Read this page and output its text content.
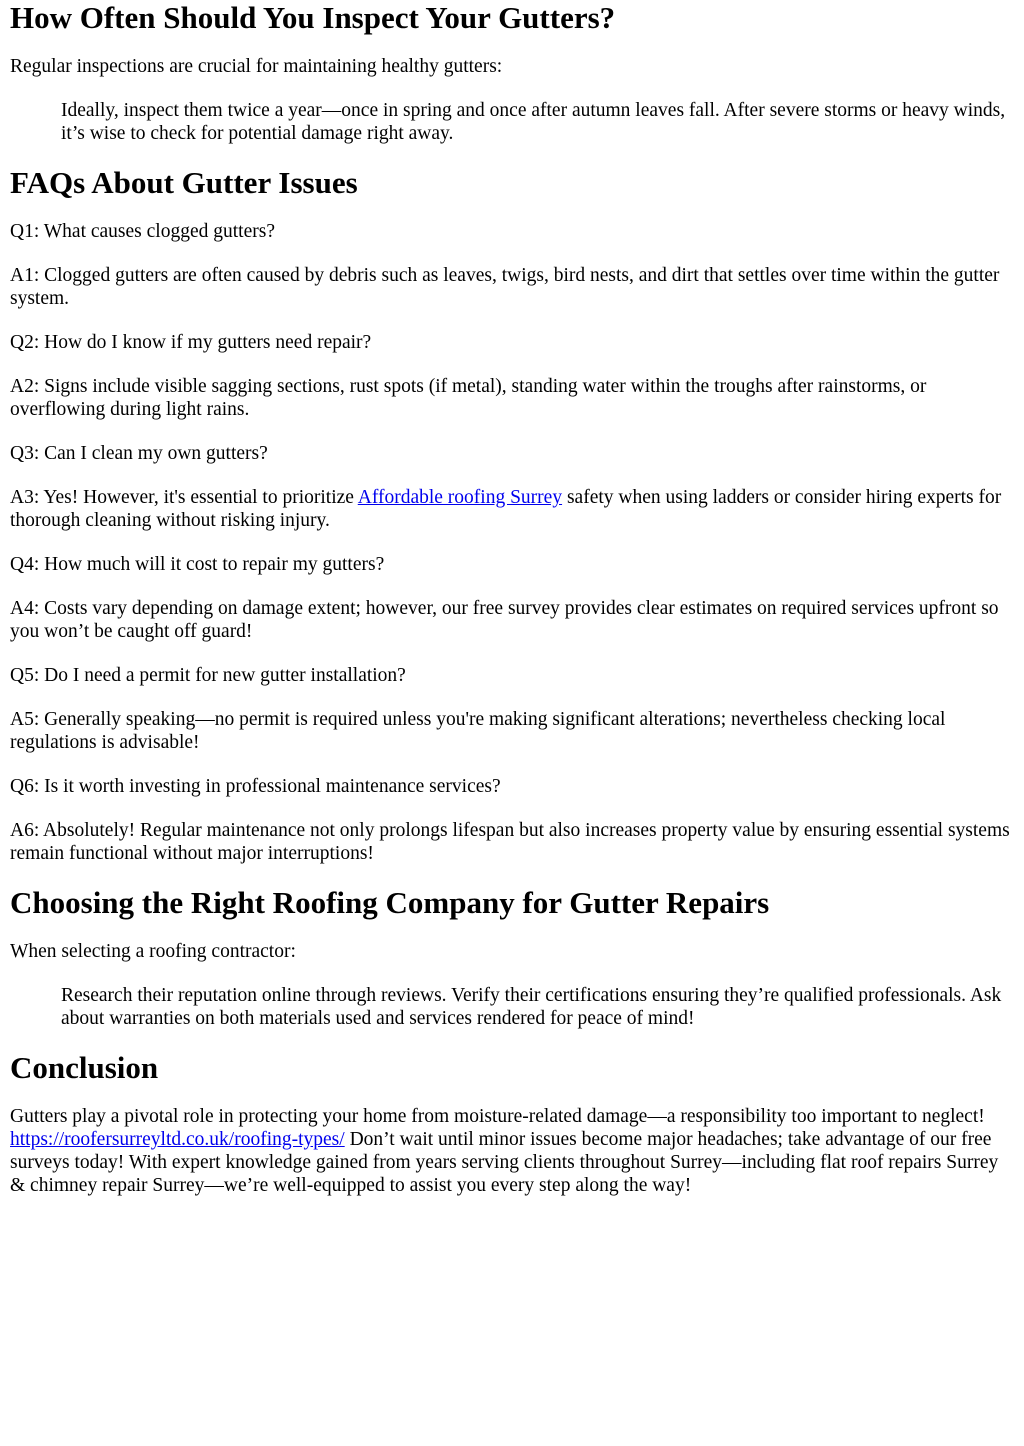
How Often Should You Inspect Your Gutters?

Regular inspections are crucial for maintaining healthy gutters:

Ideally, inspect them twice a year—once in spring and once after autumn leaves fall. After severe storms or heavy winds, it’s wise to check for potential damage right away.
FAQs About Gutter Issues

Q1: What causes clogged gutters?

A1: Clogged gutters are often caused by debris such as leaves, twigs, bird nests, and dirt that settles over time within the gutter system.

Q2: How do I know if my gutters need repair?

A2: Signs include visible sagging sections, rust spots (if metal), standing water within the troughs after rainstorms, or overflowing during light rains.

Q3: Can I clean my own gutters?

A3: Yes! However, it's essential to prioritize Affordable roofing Surrey safety when using ladders or consider hiring experts for thorough cleaning without risking injury.

Q4: How much will it cost to repair my gutters?

A4: Costs vary depending on damage extent; however, our free survey provides clear estimates on required services upfront so you won’t be caught off guard!

Q5: Do I need a permit for new gutter installation?

A5: Generally speaking—no permit is required unless you're making significant alterations; nevertheless checking local regulations is advisable!

Q6: Is it worth investing in professional maintenance services?

A6: Absolutely! Regular maintenance not only prolongs lifespan but also increases property value by ensuring essential systems remain functional without major interruptions!

Choosing the Right Roofing Company for Gutter Repairs

When selecting a roofing contractor:

Research their reputation online through reviews. Verify their certifications ensuring they’re qualified professionals. Ask about warranties on both materials used and services rendered for peace of mind!
Conclusion

Gutters play a pivotal role in protecting your home from moisture-related damage—a responsibility too important to neglect! https://roofersurreyltd.co.uk/roofing-types/ Don’t wait until minor issues become major headaches; take advantage of our free surveys today! With expert knowledge gained from years serving clients throughout Surrey—including flat roof repairs Surrey & chimney repair Surrey—we’re well-equipped to assist you every step along the way!
